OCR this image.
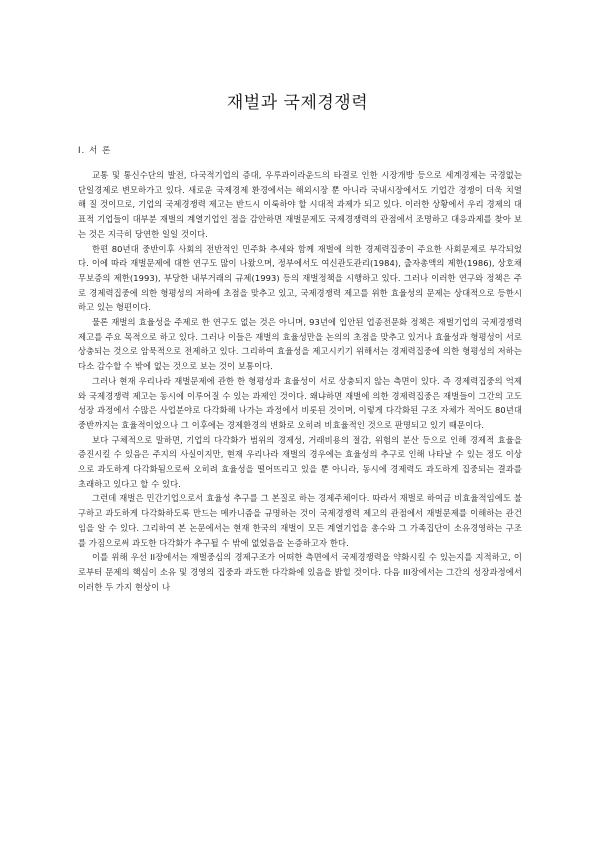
재벌과 국제경쟁력
I. 서 론

교통 및 통신수단의 발전, 다국적기업의 증대, 우루과이라운드의 타결로 인한 시장개방 등으로 세계경제는 국경없는 단일경제로 변모하가고 있다. 새로운 국제경제 환경에서는 해외시장 뿐 아니라 국내시장에서도 기업간 경쟁이 더욱 치열해 질 것이므로, 기업의 국제경쟁력 제고는 반드시 이룩하야 할 시대적 과제가 되고 있다. 이러한 상황에서 우리 경제의 대표적 기업들이 대부분 재벌의 계열기업인 점을 감안하면 재벌문제도 국제경쟁력의 관점에서 조명하고 대응과제를 찾아 보는 것은 지극히 당연한 일일 것이다.

한편 80년대 중반이후 사회의 전반적인 민주화 추세와 함께 재벌에 의한 경제력집중이 주요한 사회문제로 부각되었다. 이에 따라 재벌문제에 대한 연구도 많이 나왔으며, 정부에서도 여신관도관리(1984), 출자총액의 제한(1986), 상호채무보증의 제한(1993), 부당한 내부거래의 규제(1993) 등의 재벌정책을 시행하고 있다. 그러나 이러한 연구와 정책은 주로 경제력집중에 의한 형평성의 저하에 초점을 맞추고 있고, 국제경쟁력 제고를 위한 효율성의 문제는 상대적으로 등한시하고 있는 형편이다.

물론 재벌의 효율성을 주제로 한 연구도 없는 것은 아니며, 93년에 입안된 업종전문화 정책은 재벌기업의 국제경쟁력 제고를 주요 목적으로 하고 있다. 그러나 이들은 재벌의 효율성만을 논의의 초점을 맞추고 있거나 효율성과 형평성이 서로 상충되는 것으로 암묵적으로 전제하고 있다. 그리하여 효율성을 제고시키기 위해서는 경제력집중에 의한 형평성의 저하는 다소 감수할 수 밖에 없는 것으로 보는 것이 보통이다.

그러나 현재 우리나라 재벌문제에 관한 한 형평성과 효율성이 서로 상충되지 않는 측면이 있다. 즉 경제력집중의 억제와 국제경쟁력 제고는 동시에 이루어질 수 있는 과제인 것이다. 왜냐하면 재벌에 의한 경제력집중은 재벌들이 그간의 고도성장 과정에서 수많은 사업분야로 다각화해 나가는 과정에서 비롯된 것이며, 이렇게 다각화된 구조 자체가 적어도 80년대 중반까지는 효율적이었으나 그 이후에는 경제환경의 변화로 오히려 비효율적인 것으로 판명되고 있기 때문이다.

보다 구체적으로 말하면, 기업의 다각화가 범위의 경제성, 거래비용의 절감, 위험의 분산 등으로 인해 경제적 효율을 증진시킬 수 있음은 주지의 사실이지만, 현재 우리나라 재벌의 경우에는 효율성의 추구로 인해 나타날 수 있는 정도 이상으로 과도하게 다각화됨으로써 오히려 효율성을 떨어뜨리고 있을 뿐 아니라, 동시에 경제력도 과도하게 집중되는 결과를 초래하고 있다고 할 수 있다.

그런데 재벌은 민간기업으로서 효율성 추구를 그 본질로 하는 경제주체이다. 따라서 재벌로 하여금 비효율적임에도 불구하고 과도하게 다각화하도록 만드는 메카니즘을 규명하는 것이 국제경쟁력 제고의 관점에서 재벌문제를 이해하는 관건임을 알 수 있다. 그리하여 본 논문에서는 현재 한국의 재벌이 모든 계열기업을 총수와 그 가족집단이 소유경영하는 구조를 가짐으로써 과도한 다각화가 추구될 수 밖에 없었음을 논증하고자 한다.

이를 위해 우선 II장에서는 재벌중심의 경제구조가 어떠한 측면에서 국제경쟁력을 약화시킬 수 있는지를 지적하고, 이로부터 문제의 핵심이 소유 및 경영의 집중과 과도한 다각화에 있음을 밝힐 것이다. 다음 III장에서는 그간의 성장과정에서 이러한 두 가지 현상이 나
